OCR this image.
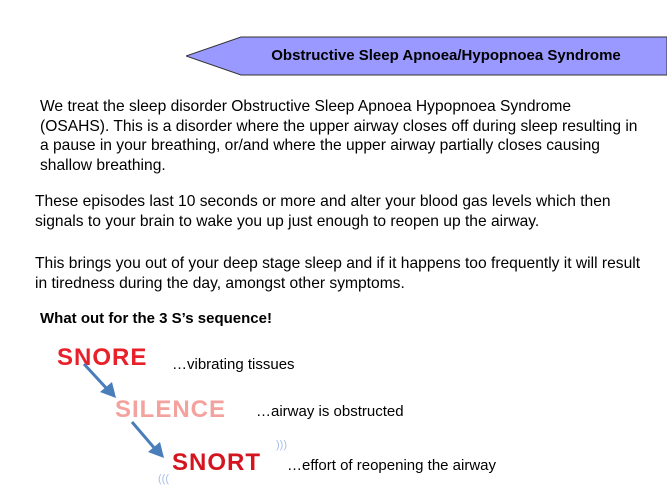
Obstructive Sleep Apnoea/Hypopnoea Syndrome

We treat the sleep disorder Obstructive Sleep Apnoea Hypopnoea Syndrome (OSAHS). This is a disorder where the upper airway closes off during sleep resulting in a pause in your breathing, or/and where the upper airway partially closes causing shallow breathing.

These episodes last 10 seconds or more and alter your blood gas levels which then signals to your brain to wake you up just enough to reopen up the airway.

This brings you out of your deep stage sleep and if it happens too frequently it will result in tiredness during the day, amongst other symptoms.

What out for the 3 S’s sequence!
SNORE …vibrating tissues
SILENCE …airway is obstructed
)))
(((
SNORT …effort of reopening the airway
